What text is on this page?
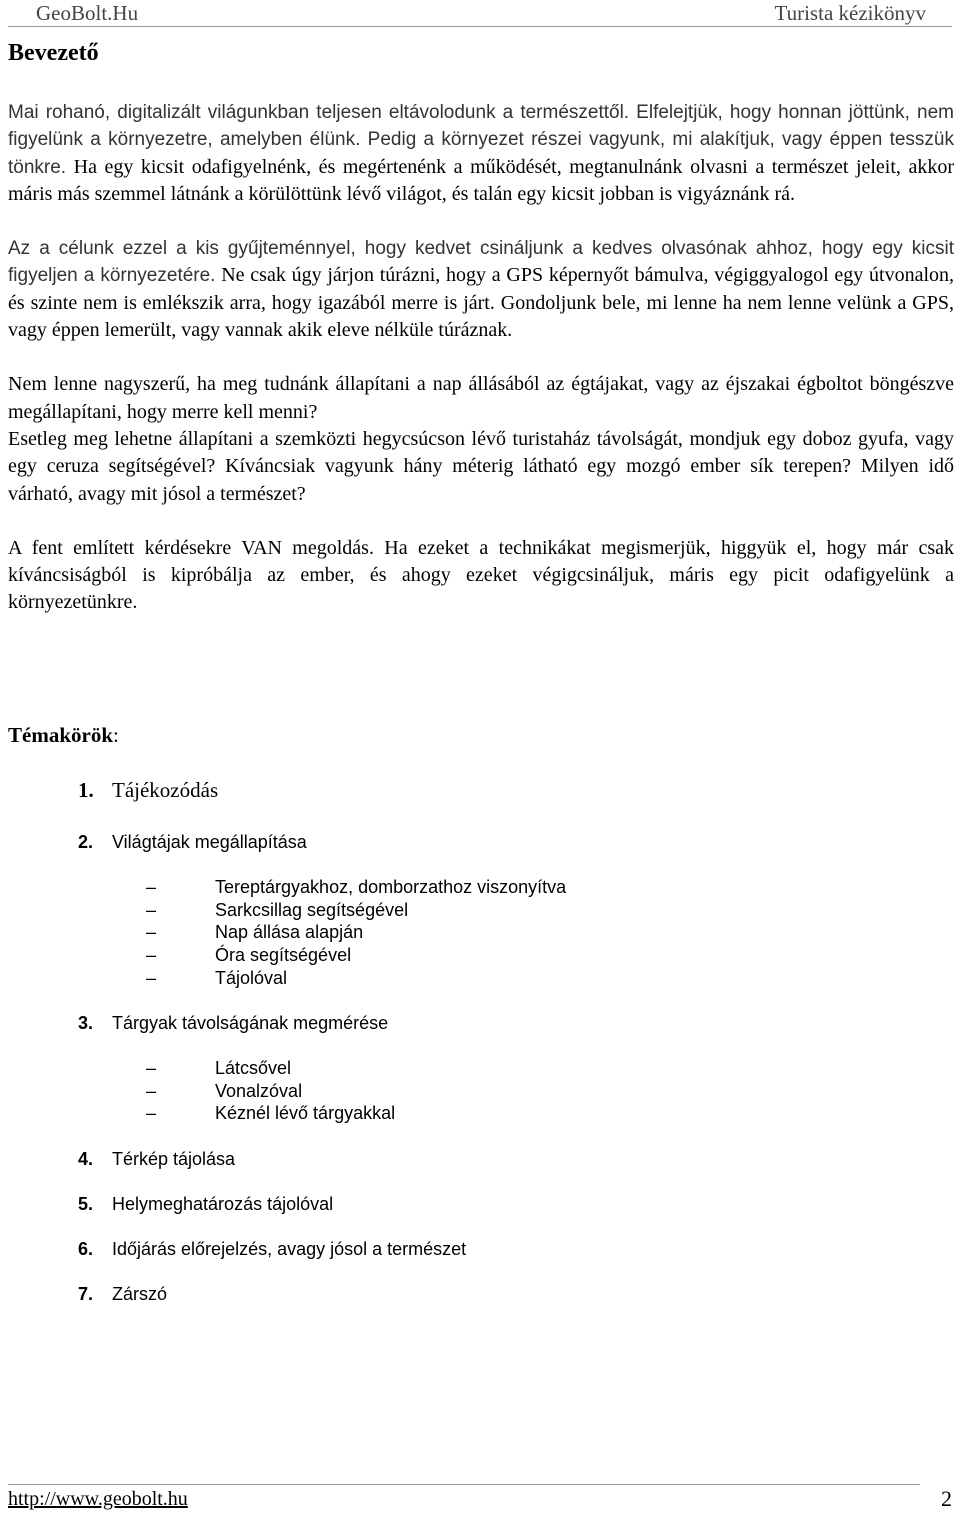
GeoBolt.Hu	Turista kézikönyv
Bevezető

Mai rohanó, digitalizált világunkban teljesen eltávolodunk a természettől. Elfelejtjük, hogy honnan jöttünk, nem figyelünk a környezetre, amelyben élünk. Pedig a környezet részei vagyunk, mi alakítjuk, vagy éppen tesszük tönkre. Ha egy kicsit odafigyelnénk, és megértenénk a működését, megtanulnánk olvasni a természet jeleit, akkor máris más szemmel látnánk a körülöttünk lévő világot, és talán egy kicsit jobban is vigyáznánk rá.

Az a célunk ezzel a kis gyűjteménnyel, hogy kedvet csináljunk a kedves olvasónak ahhoz, hogy egy kicsit figyeljen a környezetére. Ne csak úgy járjon túrázni, hogy a GPS képernyőt bámulva, végiggyalogol egy útvonalon, és szinte nem is emlékszik arra, hogy igazából merre is járt. Gondoljunk bele, mi lenne ha nem lenne velünk a GPS, vagy éppen lemerült, vagy vannak akik eleve nélküle túráznak.

Nem lenne nagyszerű, ha meg tudnánk állapítani a nap állásából az égtájakat, vagy az éjszakai égboltot böngészve megállapítani, hogy merre kell menni?

Esetleg meg lehetne állapítani a szemközti hegycsúcson lévő turistaház távolságát, mondjuk egy doboz gyufa, vagy egy ceruza segítségével? Kíváncsiak vagyunk hány méterig látható egy mozgó ember sík terepen? Milyen idő várható, avagy mit jósol a természet?

A fent említett kérdésekre VAN megoldás. Ha ezeket a technikákat megismerjük, higgyük el, hogy már csak kíváncsiságból is kipróbálja az ember, és ahogy ezeket végigcsináljuk, máris egy picit odafigyelünk a környezetünkre.

Témakörök:
1. Tájékozódás
2. Világtájak megállapítása
–	Tereptárgyakhoz, domborzathoz viszonyítva
–	Sarkcsillag segítségével
–	Nap állása alapján
–	Óra segítségével
–	Tájolóval
3. Tárgyak távolságának megmérése
–	Látcsővel
–	Vonalzóval
–	Kéznél lévő tárgyakkal
4. Térkép tájolása
5. Helymeghatározás tájolóval
6. Időjárás előrejelzés, avagy jósol a természet
7. Zárszó
http://www.geobolt.hu	2
